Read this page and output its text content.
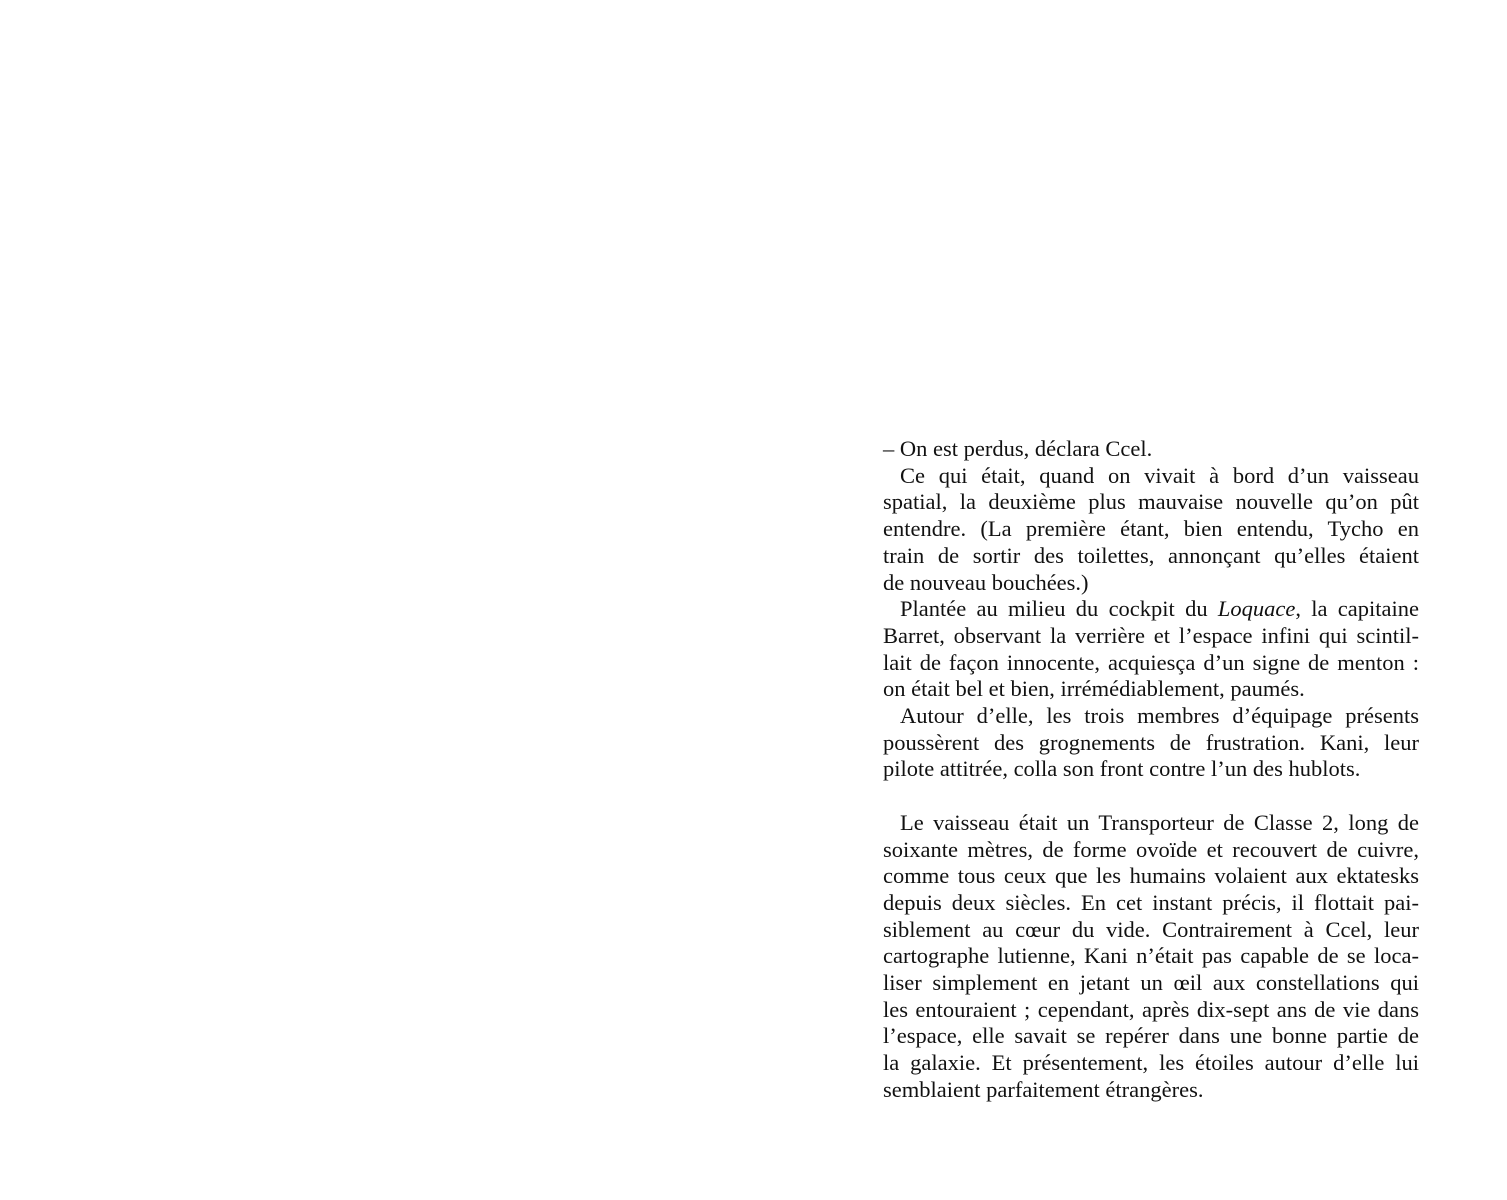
– On est perdus, déclara Ccel.

Ce qui était, quand on vivait à bord d’un vaisseau
spatial, la deuxième plus mauvaise nouvelle qu’on pût
entendre. (La première étant, bien entendu, Tycho en
train de sortir des toilettes, annonçant qu’elles étaient
de nouveau bouchées.)

Plantée au milieu du cockpit du Loquace, la capitaine
Barret, observant la verrière et l’espace infini qui scintil-
lait de façon innocente, acquiesça d’un signe de menton :
on était bel et bien, irrémédiablement, paumés.

Autour d’elle, les trois membres d’équipage présents
poussèrent des grognements de frustration. Kani, leur
pilote attitrée, colla son front contre l’un des hublots.

Le vaisseau était un Transporteur de Classe 2, long de
soixante mètres, de forme ovoïde et recouvert de cuivre,
comme tous ceux que les humains volaient aux ektatesks
depuis deux siècles. En cet instant précis, il flottait pai-
siblement au cœur du vide. Contrairement à Ccel, leur
cartographe lutienne, Kani n’était pas capable de se loca-
liser simplement en jetant un œil aux constellations qui
les entouraient ; cependant, après dix-sept ans de vie dans
l’espace, elle savait se repérer dans une bonne partie de
la galaxie. Et présentement, les étoiles autour d’elle lui
semblaient parfaitement étrangères.
